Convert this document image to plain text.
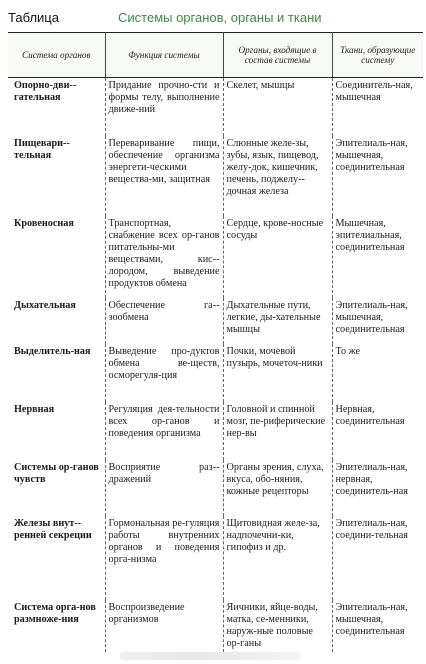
Таблица	Системы органов, органы и ткани
Система органов	Функция системы	Органы, входящие в состав системы	Ткани, образующие систему
Опорно-дви-гательная	Придание прочно-сти и формы телу, выполнение движе-ний	Скелет, мышцы	Соединитель-ная, мышечная
Пищевари-тельная	Переваривание пищи, обеспечение организма энергети-ческими вещества-ми, защитная	Слюнные желе-зы, зубы, язык, пищевод, желу-док, кишечник, печень, поджелу-дочная железа	Эпителиаль-ная, мышечная, соединительная
Кровеносная	Транспортная, снабжение всех ор-ганов питательны-ми веществами, кис-лородом, выведение продуктов обмена	Сердце, крове-носные сосуды	Мышечная, эпителиальная, соединительная
Дыхательная	Обеспечение га-зообмена	Дыхательные пути, легкие, ды-хательные мышцы	Эпителиаль-ная, мышечная, соединительная
Выделитель-ная	Выведение про-дуктов обмена ве-ществ, осморегуля-ция	Почки, мочевой пузырь, мочеточ-ники	То же
Нервная	Регуляция дея-тельности всех ор-ганов и поведения организма	Головной и спинной мозг, пе-риферические нер-вы	Нервная, соединительная
Системы ор-ганов чувств	Восприятие раз-дражений	Органы зрения, слуха, вкуса, обо-няния, кожные рецепторы	Эпителиаль-ная, нервная, соединитель-ная
Железы внут-ренней секреции	Гормональная ре-гуляция работы внутренних органов и поведения орга-низма	Щитовидная желе-за, надпочечни-ки, гипофиз и др.	Эпителиаль-ная, соедини-тельная
Система орга-нов размноже-ния	Воспроизведение организмов	Яичники, яйце-воды, матка, се-менники, наруж-ные половые ор-ганы	Эпителиаль-ная, мышечная, соединительная
